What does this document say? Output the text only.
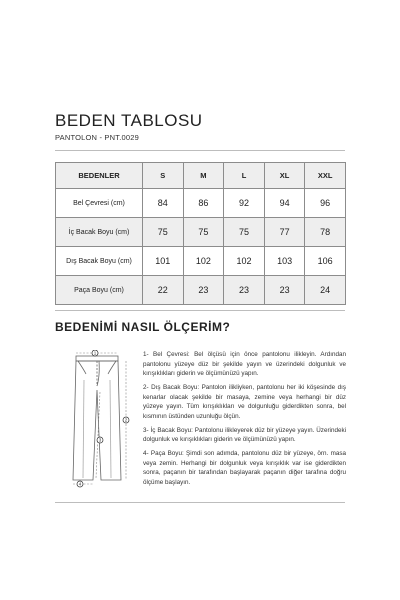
BEDEN TABLOSU
PANTOLON - PNT.0029
BEDENLER	S	M	L	XL	XXL
Bel Çevresi (cm)	84	86	92	94	96
İç Bacak Boyu (cm)	75	75	75	77	78
Dış Bacak Boyu (cm)	101	102	102	103	106
Paça Boyu (cm)	22	23	23	23	24
BEDENİMİ NASIL ÖLÇERİM?
1
2
3
4

1- Bel Çevresi: Bel ölçüsü için önce pantolonu ilikleyin. Ardından pantolonu yüzeye düz bir şekilde yayın ve üzerindeki dolgunluk ve kırışıklıkları giderin ve ölçümünüzü yapın.

2- Dış Bacak Boyu: Pantolon ilikliyken, pantolonu her iki köşesinde dış kenarlar olacak şekilde bir masaya, zemine veya herhangi bir düz yüzeye yayın. Tüm kırışıklıkları ve dolgunluğu giderdikten sonra, bel kısmının üstünden uzunluğu ölçün.

3- İç Bacak Boyu: Pantolonu ilikleyerek düz bir yüzeye yayın. Üzerindeki dolgunluk ve kırışıklıkları giderin ve ölçümünüzü yapın.

4- Paça Boyu: Şimdi son adımda, pantolonu düz bir yüzeye, örn. masa veya zemin. Herhangi bir dolgunluk veya kırışıklık var ise giderdikten sonra, paçanın bir tarafından başlayarak paçanın diğer tarafına doğru ölçüme başlayın.
